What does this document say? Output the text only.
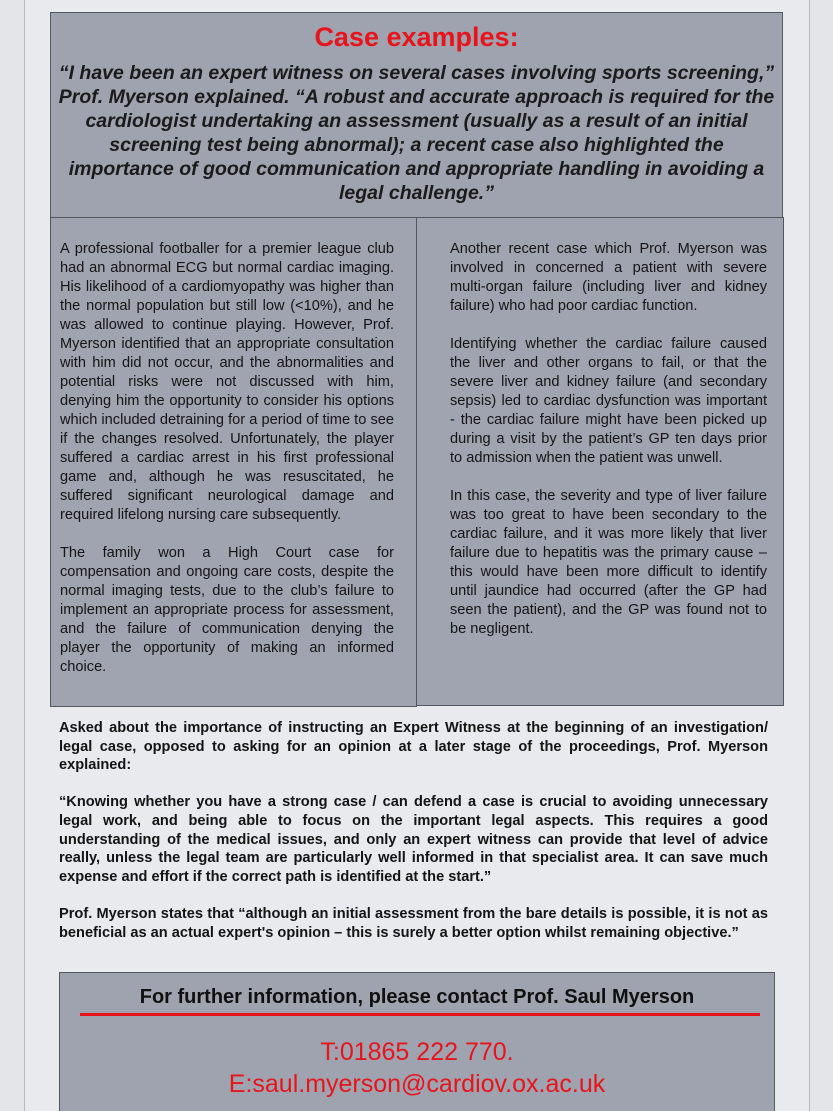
Case examples:

“I have been an expert witness on several cases involving sports screening,” Prof. Myerson explained. “A robust and accurate approach is required for the cardiologist undertaking an assessment (usually as a result of an initial screening test being abnormal); a recent case also highlighted the importance of good communication and appropriate handling in avoiding a legal challenge.”

A professional footballer for a premier league club had an abnormal ECG but normal cardiac imaging. His likelihood of a cardiomyopathy was higher than the normal population but still low (<10%), and he was allowed to continue playing. However, Prof. Myerson identified that an appropriate consultation with him did not occur, and the abnormalities and potential risks were not discussed with him, denying him the opportunity to consider his options which included detraining for a period of time to see if the changes resolved. Unfortunately, the player suffered a cardiac arrest in his first professional game and, although he was resuscitated, he suffered significant neurological damage and required lifelong nursing care subsequently.

The family won a High Court case for compensation and ongoing care costs, despite the normal imaging tests, due to the club’s failure to implement an appropriate process for assessment, and the failure of communication denying the player the opportunity of making an informed choice.

Another recent case which Prof. Myerson was involved in concerned a patient with severe multi-organ failure (including liver and kidney failure) who had poor cardiac function.

Identifying whether the cardiac failure caused the liver and other organs to fail, or that the severe liver and kidney failure (and secondary sepsis) led to cardiac dysfunction was important - the cardiac failure might have been picked up during a visit by the patient’s GP ten days prior to admission when the patient was unwell.

In this case, the severity and type of liver failure was too great to have been secondary to the cardiac failure, and it was more likely that liver failure due to hepatitis was the primary cause – this would have been more difficult to identify until jaundice had occurred (after the GP had seen the patient), and the GP was found not to be negligent.

Asked about the importance of instructing an Expert Witness at the beginning of an investigation/ legal case, opposed to asking for an opinion at a later stage of the proceedings, Prof. Myerson explained:

“Knowing whether you have a strong case / can defend a case is crucial to avoiding unnecessary legal work, and being able to focus on the important legal aspects. This requires a good understanding of the medical issues, and only an expert witness can provide that level of advice really, unless the legal team are particularly well informed in that specialist area. It can save much expense and effort if the correct path is identified at the start.”

Prof. Myerson states that “although an initial assessment from the bare details is possible, it is not as beneficial as an actual expert's opinion – this is surely a better option whilst remaining objective.”

For further information, please contact Prof. Saul Myerson
T:01865 222 770.
E:saul.myerson@cardiov.ox.ac.uk
